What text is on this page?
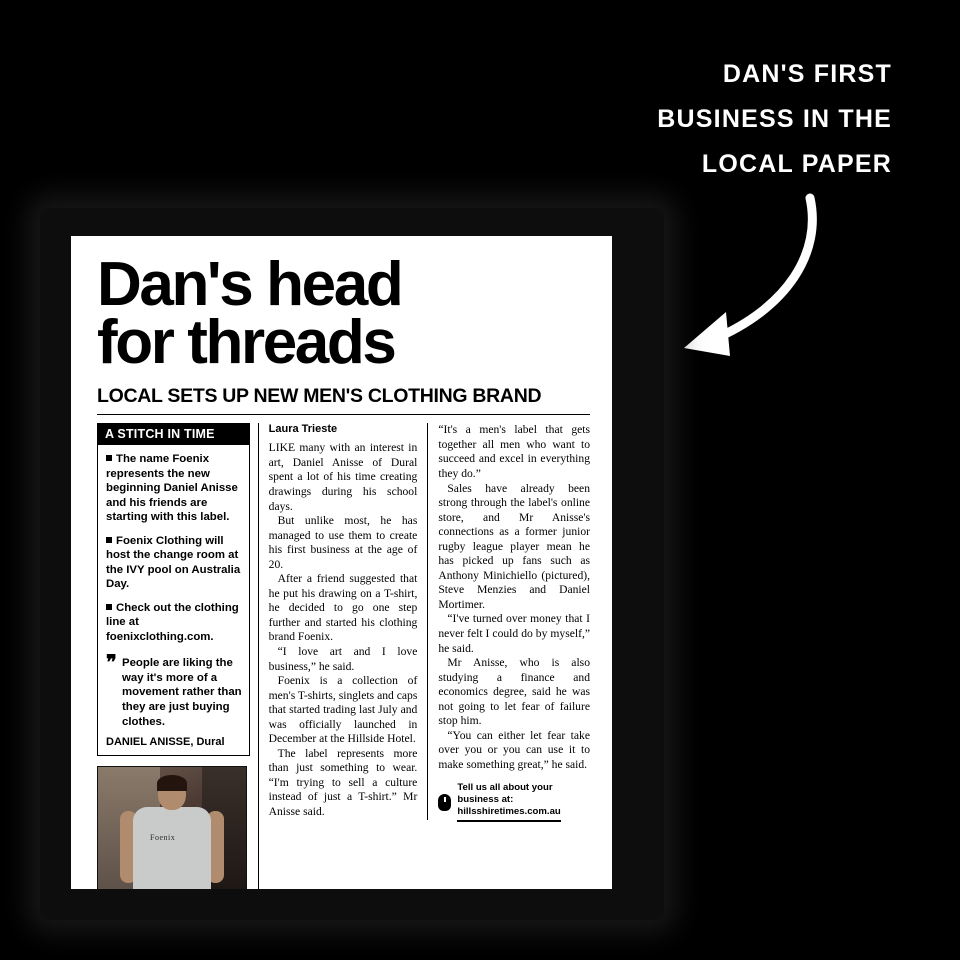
DAN'S FIRST
BUSINESS IN THE
LOCAL PAPER
Dan's head
for threads
LOCAL SETS UP NEW MEN'S CLOTHING BRAND
A STITCH IN TIME
The name Foenix represents the new beginning Daniel Anisse and his friends are starting with this label.
Foenix Clothing will host the change room at the IVY pool on Australia Day.
Check out the clothing line at foenixclothing.com.
❞ People are liking the way it's more of a movement rather than they are just buying clothes.
DANIEL ANISSE, Dural
Foenix
Laura Trieste

LIKE many with an interest in art, Daniel Anisse of Dural spent a lot of his time creating drawings during his school days.

But unlike most, he has managed to use them to create his first business at the age of 20.

After a friend suggested that he put his drawing on a T-shirt, he decided to go one step further and started his clothing brand Foenix.

“I love art and I love business,” he said.

Foenix is a collection of men's T-shirts, singlets and caps that started trading last July and was officially launched in December at the Hillside Hotel.

The label represents more than just something to wear. “I'm trying to sell a culture instead of just a T-shirt.” Mr Anisse said.

“It's a men's label that gets together all men who want to succeed and excel in everything they do.”

Sales have already been strong through the label's online store, and Mr Anisse's connections as a former junior rugby league player mean he has picked up fans such as Anthony Minichiello (pictured), Steve Menzies and Daniel Mortimer.

“I've turned over money that I never felt I could do by myself,” he said.

Mr Anisse, who is also studying a finance and economics degree, said he was not going to let fear of failure stop him.

“You can either let fear take over you or you can use it to make something great,” he said.

Tell us all about your
business at:
hillsshiretimes.com.au
